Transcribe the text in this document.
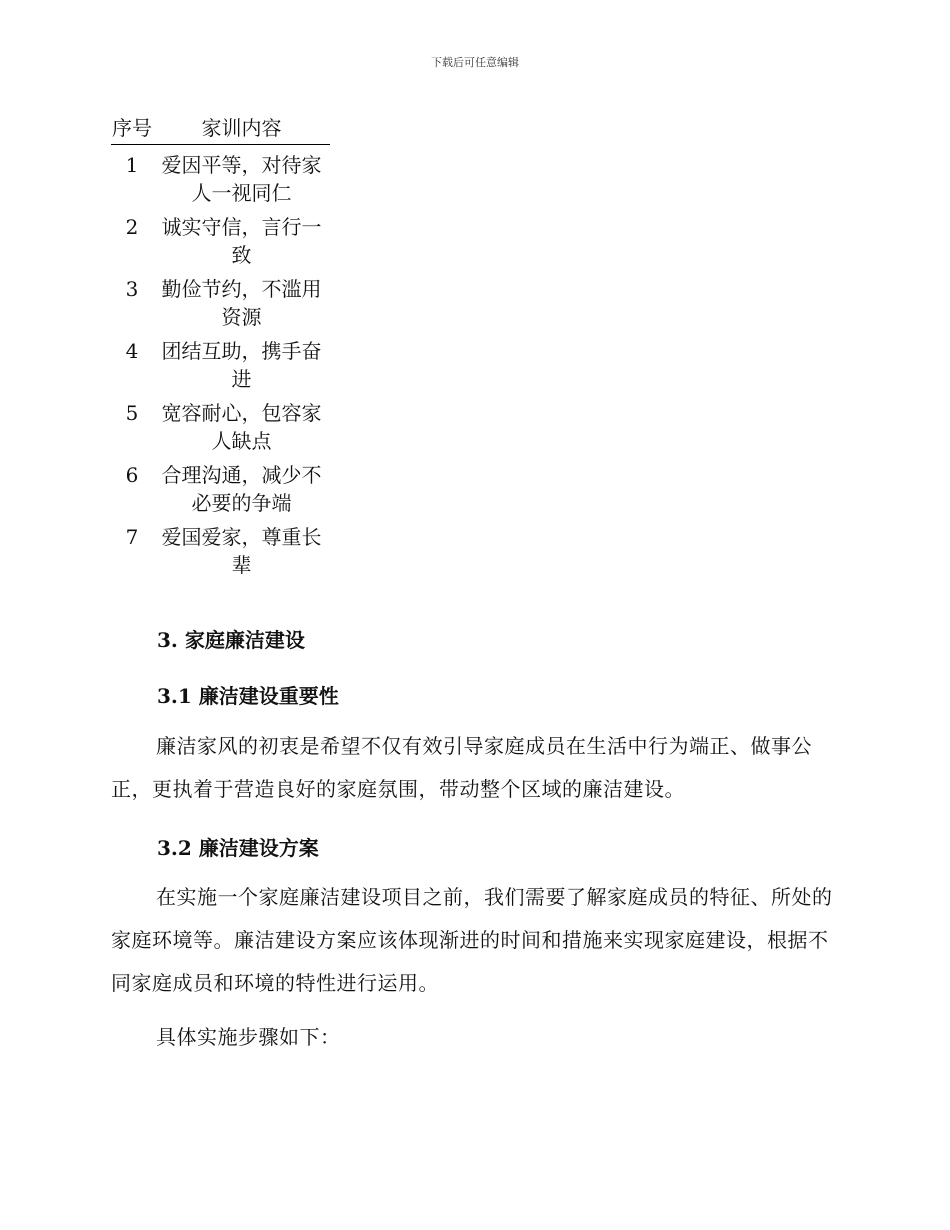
下载后可任意编辑
序号	家训内容
1	爱因平等，对待家人一视同仁
2	诚实守信，言行一致
3	勤俭节约，不滥用资源
4	团结互助，携手奋进
5	宽容耐心，包容家人缺点
6	合理沟通，减少不必要的争端
7	爱国爱家，尊重长辈
3. 家庭廉洁建设
3.1 廉洁建设重要性

廉洁家风的初衷是希望不仅有效引导家庭成员在生活中行为端正、做事公正，更执着于营造良好的家庭氛围，带动整个区域的廉洁建设。

3.2 廉洁建设方案

在实施一个家庭廉洁建设项目之前，我们需要了解家庭成员的特征、所处的家庭环境等。廉洁建设方案应该体现渐进的时间和措施来实现家庭建设，根据不同家庭成员和环境的特性进行运用。

具体实施步骤如下：
